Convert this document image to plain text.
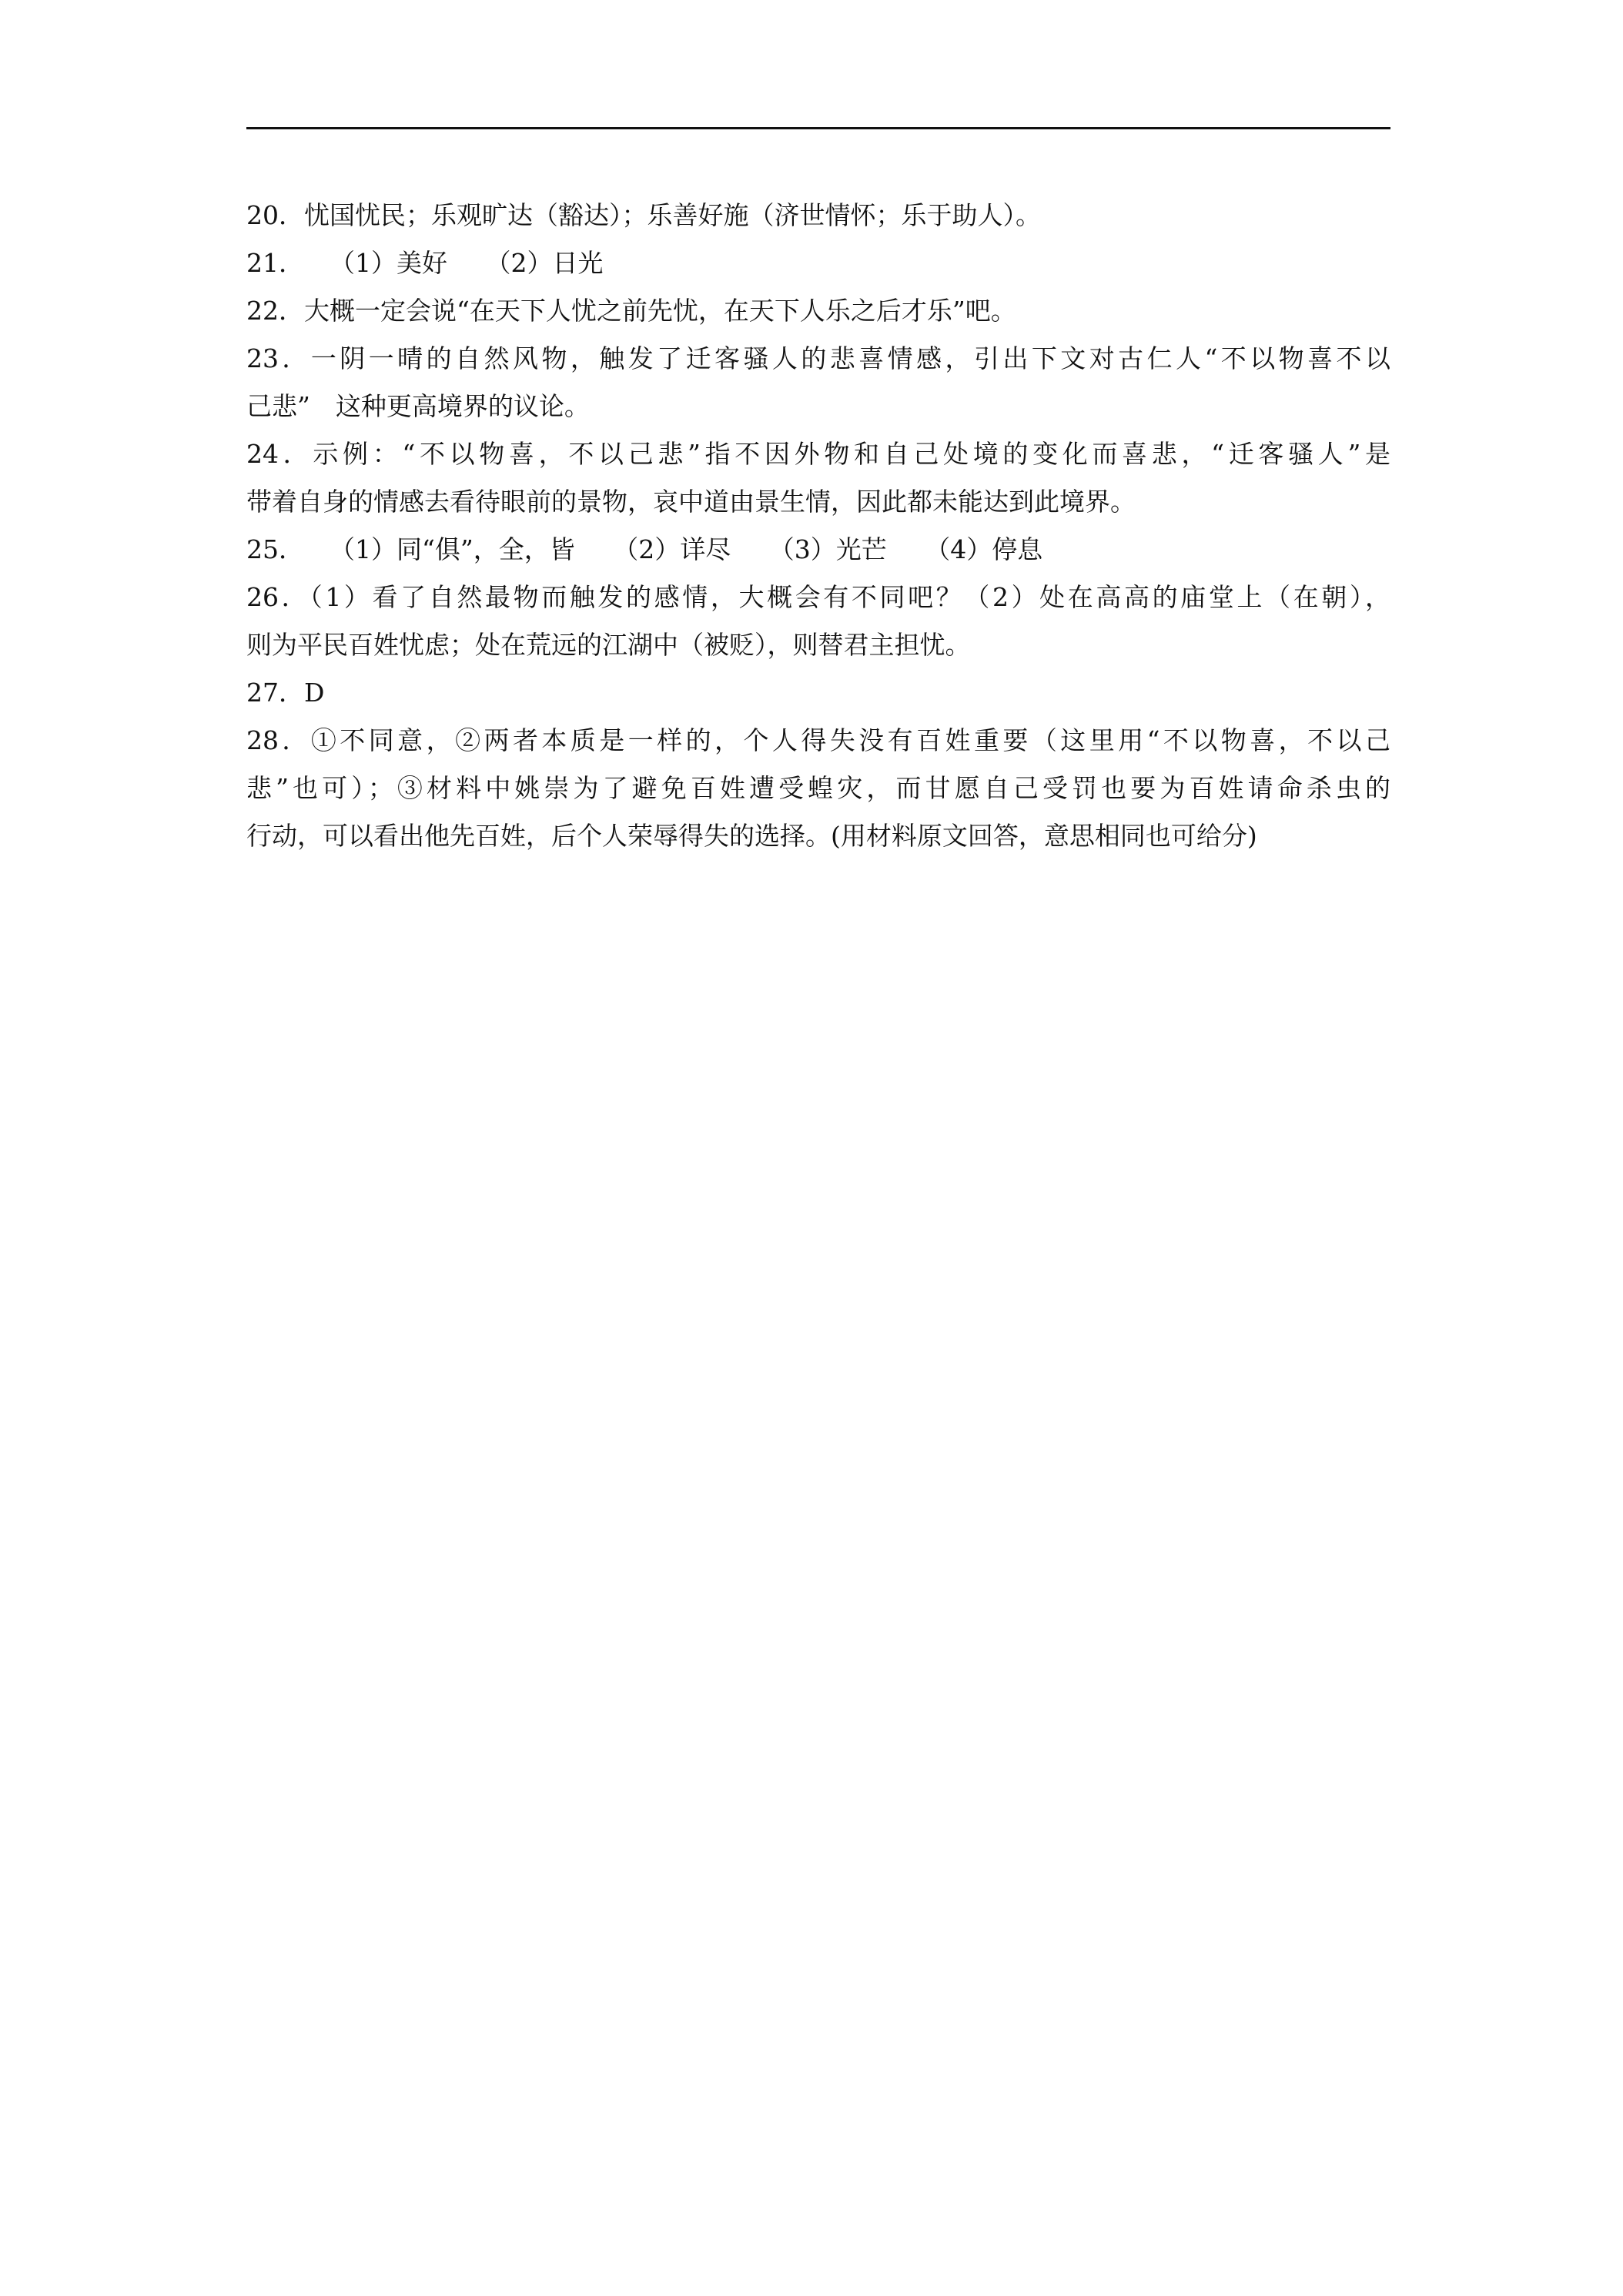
20．忧国忧民；乐观旷达（豁达）；乐善好施（济世情怀；乐于助人）。
21．　　（1）美好　　（2）日光
22．大概一定会说“在天下人忧之前先忧，在天下人乐之后才乐”吧。
23．一阴一晴的自然风物，触发了迁客骚人的悲喜情感，引出下文对古仁人“不以物喜不以
己悲”　这种更高境界的议论。
24．示例：“不以物喜，不以己悲”指不因外物和自己处境的变化而喜悲，“迁客骚人”是
带着自身的情感去看待眼前的景物，哀中道由景生情，因此都未能达到此境界。
25．　　（1）同“俱”，全，皆　　（2）详尽　　（3）光芒　　（4）停息
26．（1）看了自然最物而触发的感情，大概会有不同吧？（2）处在高高的庙堂上（在朝），
则为平民百姓忧虑；处在荒远的江湖中（被贬），则替君主担忧。
27．D
28．①不同意，②两者本质是一样的，个人得失没有百姓重要（这里用“不以物喜，不以己
悲”也可）；③材料中姚崇为了避免百姓遭受蝗灾，而甘愿自己受罚也要为百姓请命杀虫的
行动，可以看出他先百姓，后个人荣辱得失的选择。(用材料原文回答，意思相同也可给分)
